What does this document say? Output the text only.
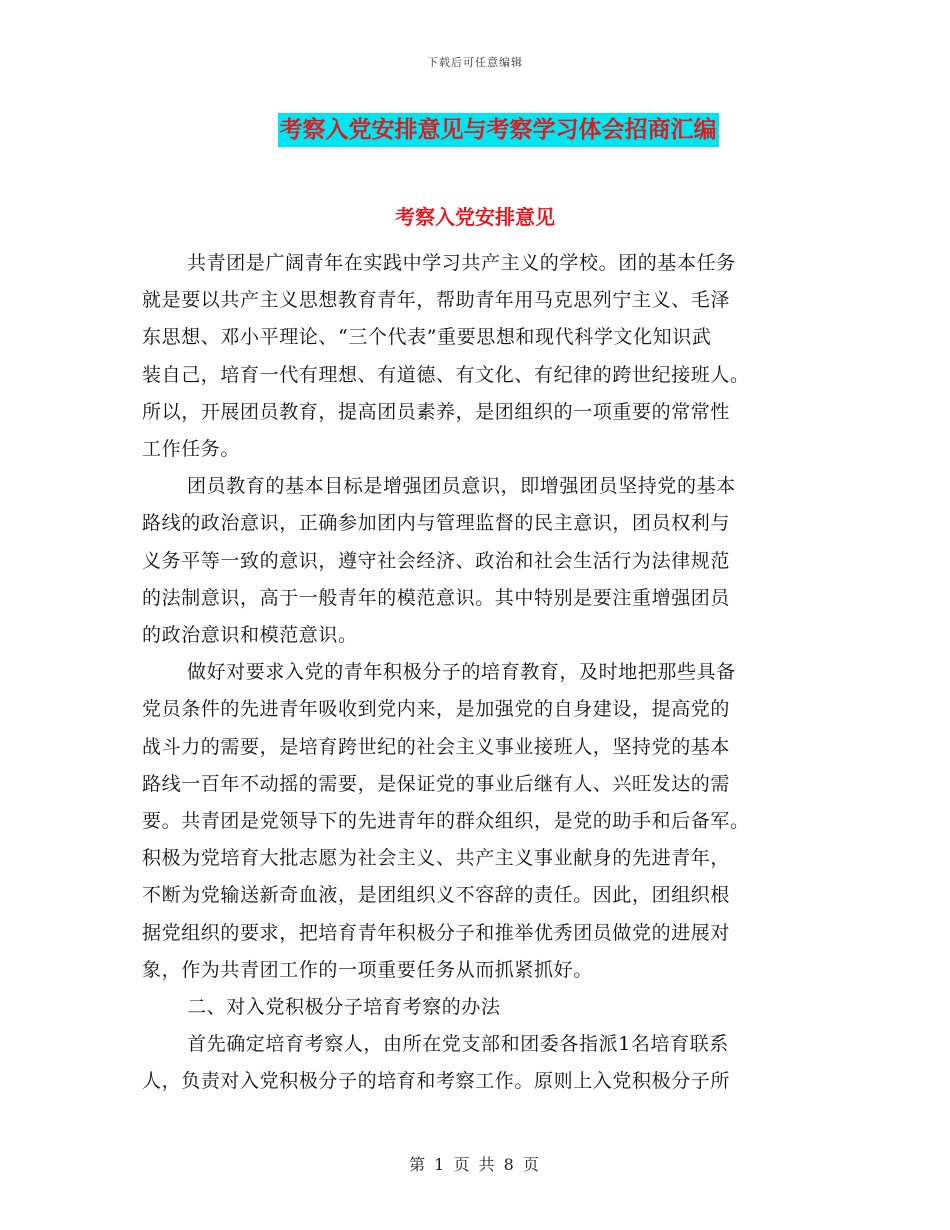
下载后可任意编辑
考察入党安排意见与考察学习体会招商汇编
考察入党安排意见
共青团是广阔青年在实践中学习共产主义的学校。团的基本任务
就是要以共产主义思想教育青年，帮助青年用马克思列宁主义、毛泽
东思想、邓小平理论、“三个代表”重要思想和现代科学文化知识武
装自己，培育一代有理想、有道德、有文化、有纪律的跨世纪接班人。
所以，开展团员教育，提高团员素养，是团组织的一项重要的常常性
工作任务。
团员教育的基本目标是增强团员意识，即增强团员坚持党的基本
路线的政治意识，正确参加团内与管理监督的民主意识，团员权利与
义务平等一致的意识，遵守社会经济、政治和社会生活行为法律规范
的法制意识，高于一般青年的模范意识。其中特别是要注重增强团员
的政治意识和模范意识。
做好对要求入党的青年积极分子的培育教育，及时地把那些具备
党员条件的先进青年吸收到党内来，是加强党的自身建设，提高党的
战斗力的需要，是培育跨世纪的社会主义事业接班人，坚持党的基本
路线一百年不动摇的需要，是保证党的事业后继有人、兴旺发达的需
要。共青团是党领导下的先进青年的群众组织，是党的助手和后备军。
积极为党培育大批志愿为社会主义、共产主义事业献身的先进青年，
不断为党输送新奇血液，是团组织义不容辞的责任。因此，团组织根
据党组织的要求，把培育青年积极分子和推举优秀团员做党的进展对
象，作为共青团工作的一项重要任务从而抓紧抓好。
二、对入党积极分子培育考察的办法
首先确定培育考察人，由所在党支部和团委各指派1名培育联系
人，负责对入党积极分子的培育和考察工作。原则上入党积极分子所
第 1 页 共 8 页
